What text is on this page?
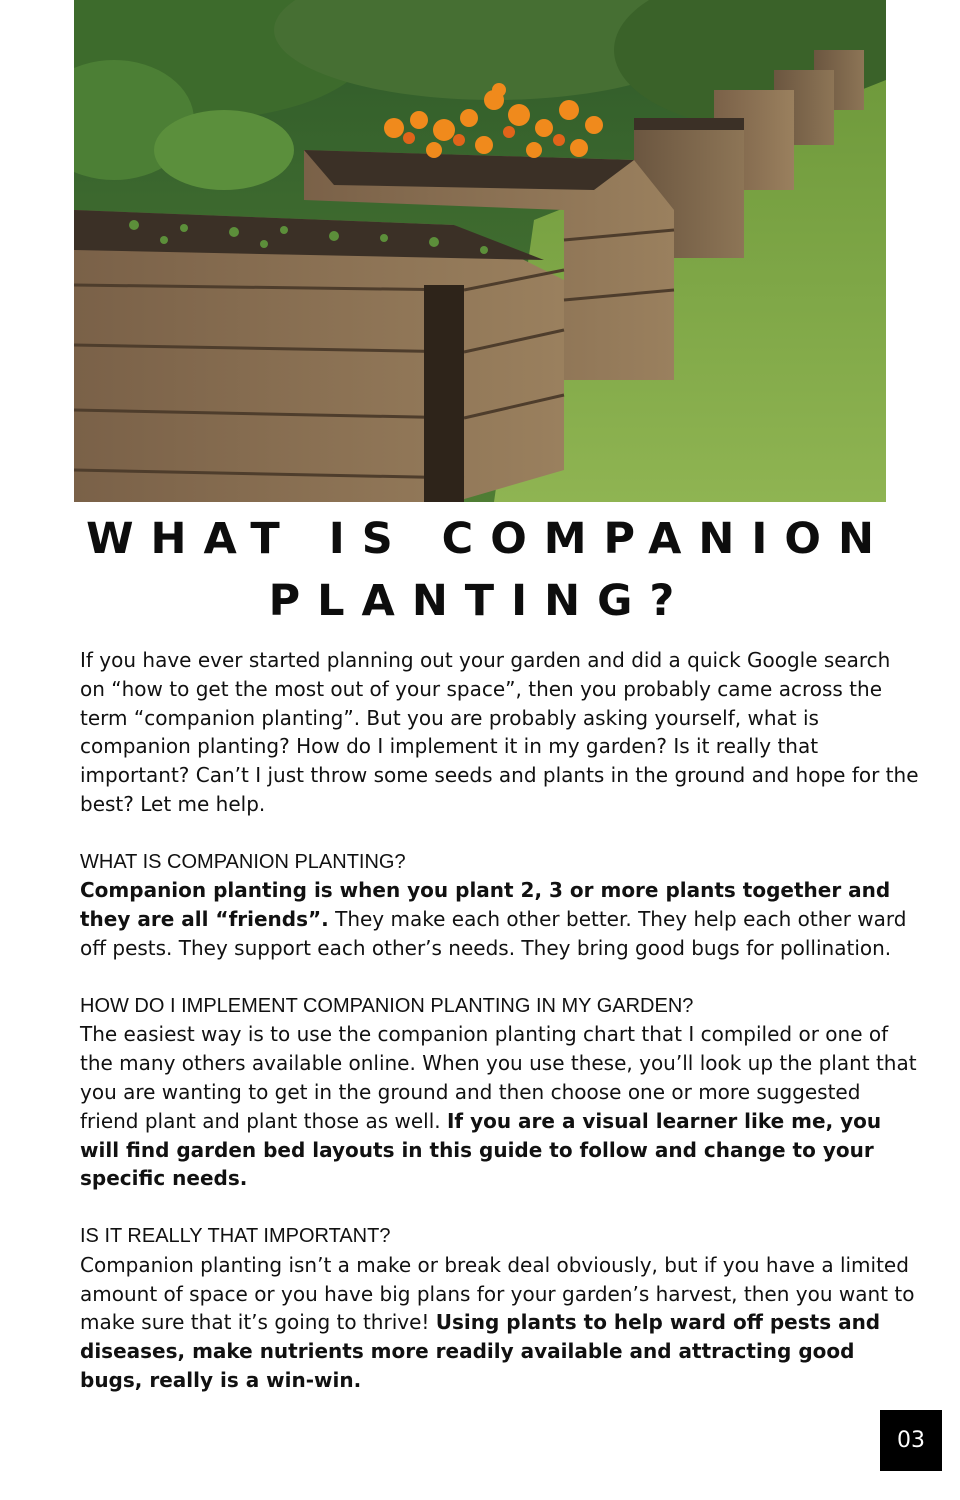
WHAT IS COMPANION
PLANTING?

If you have ever started planning out your garden and did a quick Google search on “how to get the most out of your space”, then you probably came across the term “companion planting”. But you are probably asking yourself, what is companion planting? How do I implement it in my garden? Is it really that important? Can’t I just throw some seeds and plants in the ground and hope for the best? Let me help.

WHAT IS COMPANION PLANTING?

Companion planting is when you plant 2, 3 or more plants together and they are all “friends”. They make each other better. They help each other ward off pests. They support each other’s needs. They bring good bugs for pollination.

HOW DO I IMPLEMENT COMPANION PLANTING IN MY GARDEN?

The easiest way is to use the companion planting chart that I compiled or one of the many others available online. When you use these, you’ll look up the plant that you are wanting to get in the ground and then choose one or more suggested friend plant and plant those as well. If you are a visual learner like me, you will find garden bed layouts in this guide to follow and change to your specific needs.

IS IT REALLY THAT IMPORTANT?

Companion planting isn’t a make or break deal obviously, but if you have a limited amount of space or you have big plans for your garden’s harvest, then you want to make sure that it’s going to thrive! Using plants to help ward off pests and diseases, make nutrients more readily available and attracting good bugs, really is a win-win.

03
